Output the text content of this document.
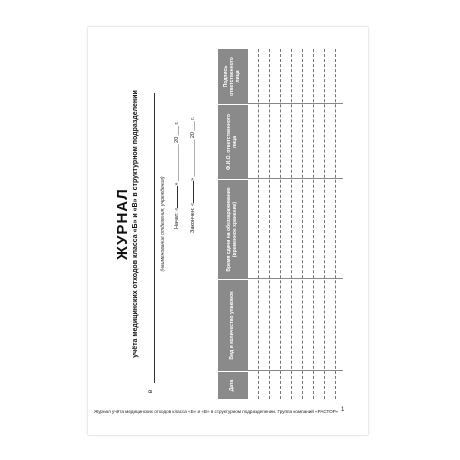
ЖУРНАЛ учёта медицинских отходов класса «Б» и «В» в структурном подразделении
в
(наименование отделения, учреждения) Начат: «» ____________ 20 ___ г.
Закончен: «» ____________ 20 ___ г.
Дата
Вид и количество упаковок
Время сдачи на обеззараживание (временное хранение)
Ф.И.О. ответственного лица
Подпись ответственного лица
Журнал учёта медицинских отходов класса «Б» и «В» в структурном подразделении. Группа компаний «РАСТОР» 1
